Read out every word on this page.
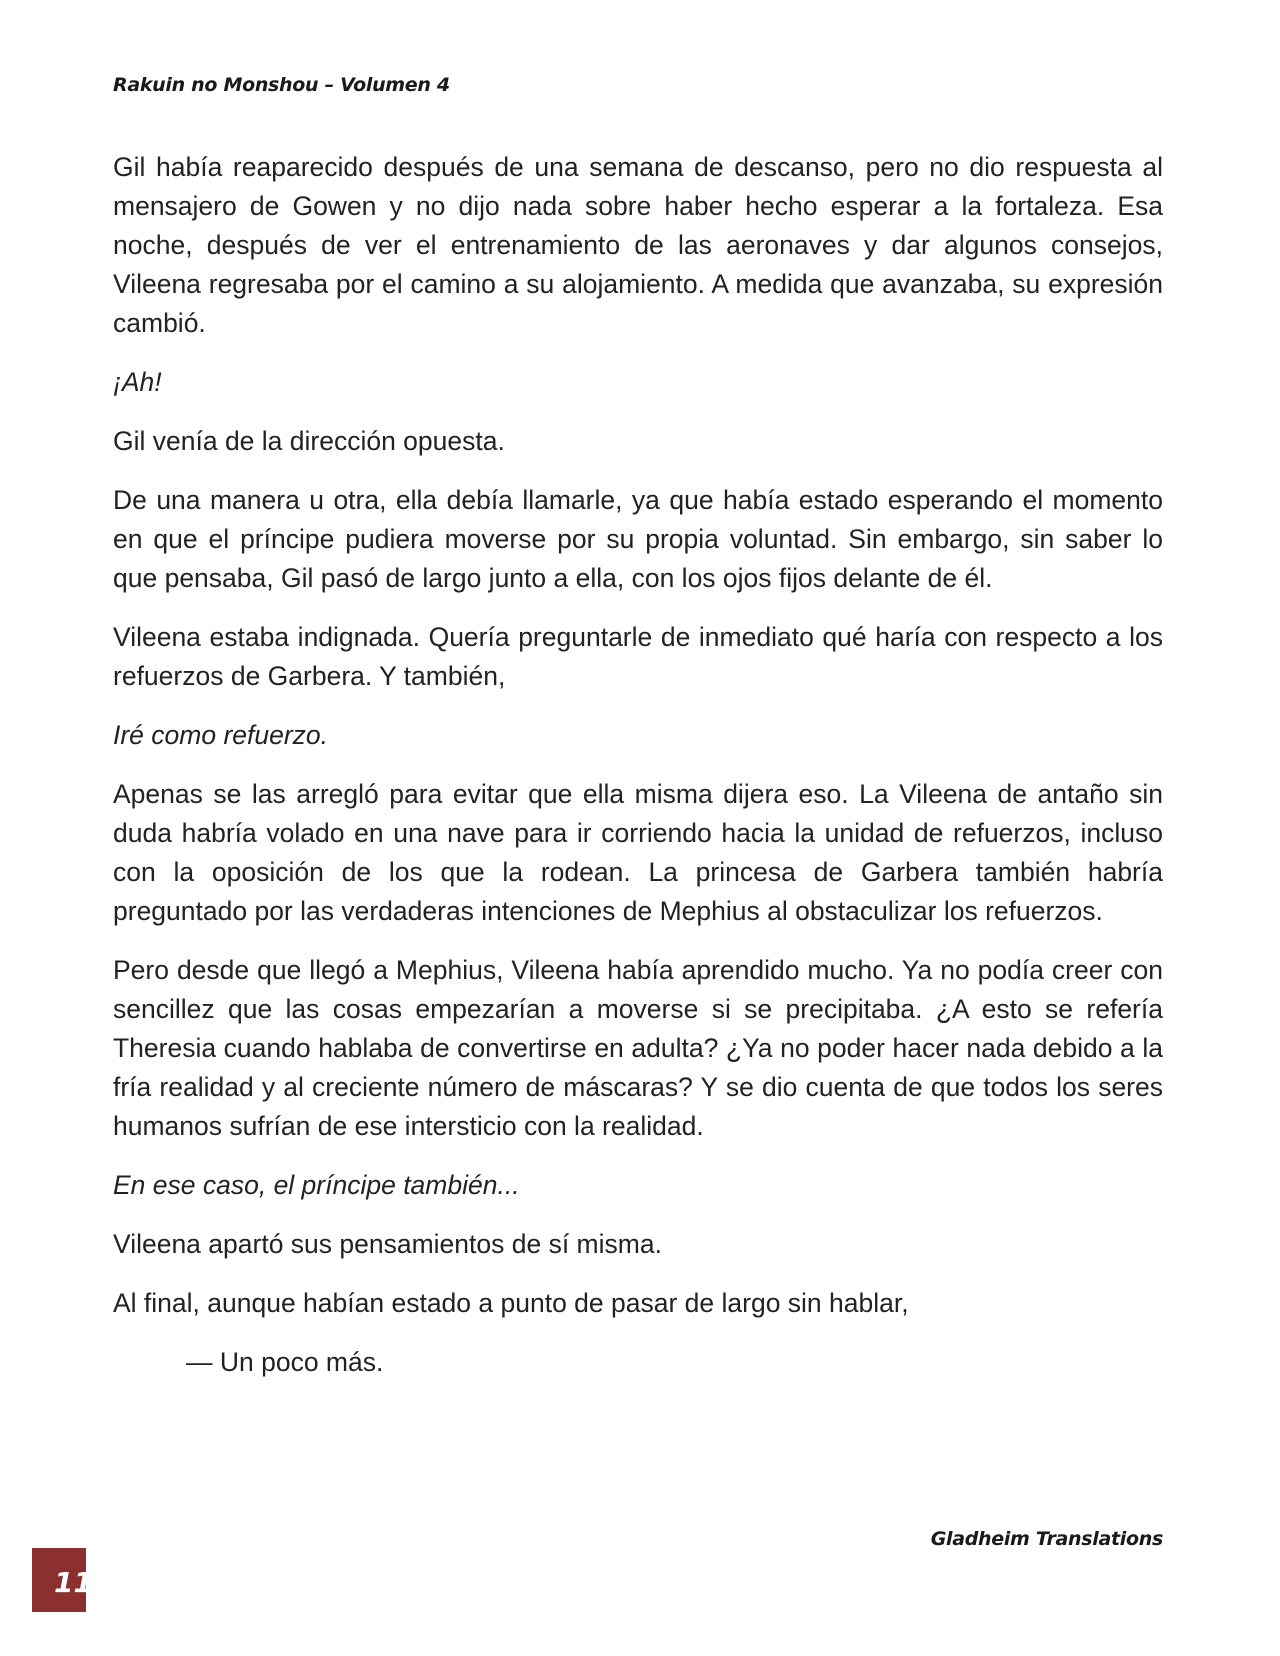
Rakuin no Monshou – Volumen 4

Gil había reaparecido después de una semana de descanso, pero no dio respuesta al mensajero de Gowen y no dijo nada sobre haber hecho esperar a la fortaleza. Esa noche, después de ver el entrenamiento de las aeronaves y dar algunos consejos, Vileena regresaba por el camino a su alojamiento. A medida que avanzaba, su expresión cambió.

¡Ah!

Gil venía de la dirección opuesta.

De una manera u otra, ella debía llamarle, ya que había estado esperando el momento en que el príncipe pudiera moverse por su propia voluntad. Sin embargo, sin saber lo que pensaba, Gil pasó de largo junto a ella, con los ojos fijos delante de él.

Vileena estaba indignada. Quería preguntarle de inmediato qué haría con respecto a los refuerzos de Garbera. Y también,

Iré como refuerzo.

Apenas se las arregló para evitar que ella misma dijera eso. La Vileena de antaño sin duda habría volado en una nave para ir corriendo hacia la unidad de refuerzos, incluso con la oposición de los que la rodean. La princesa de Garbera también habría preguntado por las verdaderas intenciones de Mephius al obstaculizar los refuerzos.

Pero desde que llegó a Mephius, Vileena había aprendido mucho. Ya no podía creer con sencillez que las cosas empezarían a moverse si se precipitaba. ¿A esto se refería Theresia cuando hablaba de convertirse en adulta? ¿Ya no poder hacer nada debido a la fría realidad y al creciente número de máscaras? Y se dio cuenta de que todos los seres humanos sufrían de ese intersticio con la realidad.

En ese caso, el príncipe también...

Vileena apartó sus pensamientos de sí misma.

Al final, aunque habían estado a punto de pasar de largo sin hablar,

— Un poco más.

Gladheim Translations
11
